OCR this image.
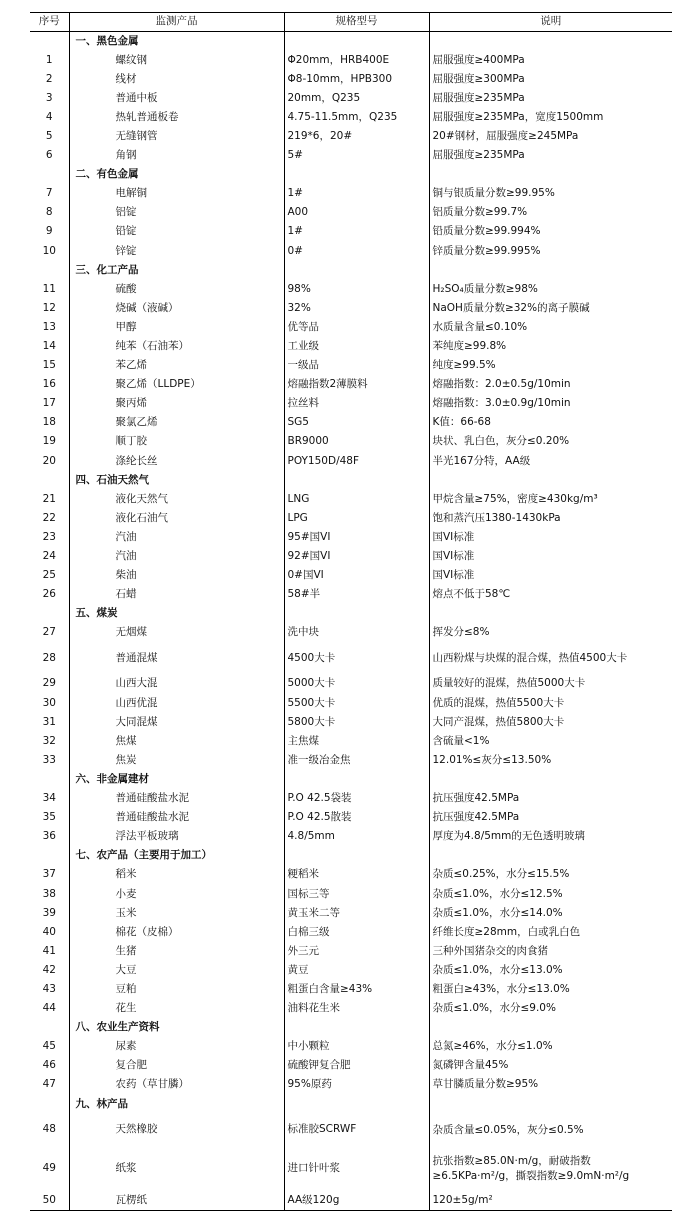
序号	监测产品	规格型号	说明
	一、黑色金属		
1	螺纹钢	Φ20mm，HRB400E	屈服强度≥400MPa
2	线材	Φ8-10mm，HPB300	屈服强度≥300MPa
3	普通中板	20mm，Q235	屈服强度≥235MPa
4	热轧普通板卷	4.75-11.5mm，Q235	屈服强度≥235MPa，宽度1500mm
5	无缝钢管	219*6，20#	20#钢材，屈服强度≥245MPa
6	角钢	5#	屈服强度≥235MPa
	二、有色金属		
7	电解铜	1#	铜与银质量分数≥99.95%
8	铝锭	A00	铝质量分数≥99.7%
9	铅锭	1#	铅质量分数≥99.994%
10	锌锭	0#	锌质量分数≥99.995%
	三、化工产品		
11	硫酸	98%	H₂SO₄质量分数≥98%
12	烧碱（液碱）	32%	NaOH质量分数≥32%的离子膜碱
13	甲醇	优等品	水质量含量≤0.10%
14	纯苯（石油苯）	工业级	苯纯度≥99.8%
15	苯乙烯	一级品	纯度≥99.5%
16	聚乙烯（LLDPE）	熔融指数2薄膜料	熔融指数：2.0±0.5g/10min
17	聚丙烯	拉丝料	熔融指数：3.0±0.9g/10min
18	聚氯乙烯	SG5	K值：66-68
19	顺丁胶	BR9000	块状、乳白色，灰分≤0.20%
20	涤纶长丝	POY150D/48F	半光167分特，AA级
	四、石油天然气		
21	液化天然气	LNG	甲烷含量≥75%，密度≥430kg/m³
22	液化石油气	LPG	饱和蒸汽压1380-1430kPa
23	汽油	95#国VI	国VI标准
24	汽油	92#国VI	国VI标准
25	柴油	0#国VI	国VI标准
26	石蜡	58#半	熔点不低于58℃
	五、煤炭		
27	无烟煤	洗中块	挥发分≤8%
28	普通混煤	4500大卡	山西粉煤与块煤的混合煤，热值4500大卡
29	山西大混	5000大卡	质量较好的混煤，热值5000大卡
30	山西优混	5500大卡	优质的混煤，热值5500大卡
31	大同混煤	5800大卡	大同产混煤，热值5800大卡
32	焦煤	主焦煤	含硫量<1%
33	焦炭	准一级冶金焦	12.01%≤灰分≤13.50%
	六、非金属建材		
34	普通硅酸盐水泥	P.O 42.5袋装	抗压强度42.5MPa
35	普通硅酸盐水泥	P.O 42.5散装	抗压强度42.5MPa
36	浮法平板玻璃	4.8/5mm	厚度为4.8/5mm的无色透明玻璃
	七、农产品（主要用于加工）		
37	稻米	粳稻米	杂质≤0.25%，水分≤15.5%
38	小麦	国标三等	杂质≤1.0%，水分≤12.5%
39	玉米	黄玉米二等	杂质≤1.0%，水分≤14.0%
40	棉花（皮棉）	白棉三级	纤维长度≥28mm，白或乳白色
41	生猪	外三元	三种外国猪杂交的肉食猪
42	大豆	黄豆	杂质≤1.0%，水分≤13.0%
43	豆粕	粗蛋白含量≥43%	粗蛋白≥43%，水分≤13.0%
44	花生	油料花生米	杂质≤1.0%，水分≤9.0%
	八、农业生产资料		
45	尿素	中小颗粒	总氮≥46%，水分≤1.0%
46	复合肥	硫酸钾复合肥	氮磷钾含量45%
47	农药（草甘膦）	95%原药	草甘膦质量分数≥95%
	九、林产品		
48	天然橡胶	标准胶SCRWF	杂质含量≤0.05%，灰分≤0.5%
49	纸浆	进口针叶浆	抗张指数≥85.0N·m/g，耐破指数≥6.5KPa·m²/g，撕裂指数≥9.0mN·m²/g
50	瓦楞纸	AA级120g	120±5g/m²
